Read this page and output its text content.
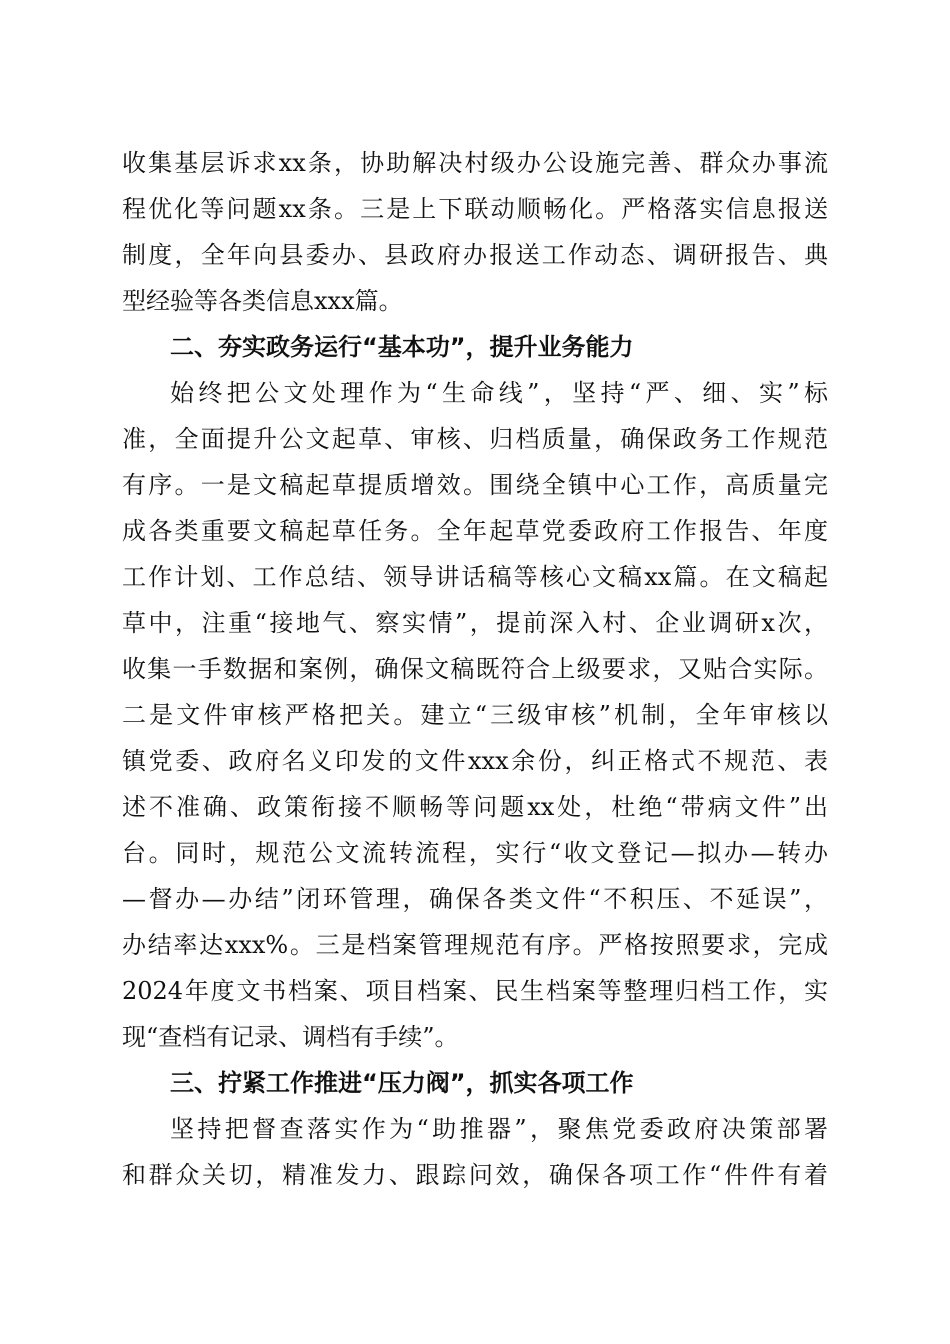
收集基层诉求xx条，协助解决村级办公设施完善、群众办事流
程优化等问题xx条。三是上下联动顺畅化。严格落实信息报送
制度，全年向县委办、县政府办报送工作动态、调研报告、典
型经验等各类信息xxx篇。
二、夯实政务运行“基本功”，提升业务能力
始终把公文处理作为“生命线”，坚持“严、细、实”标
准，全面提升公文起草、审核、归档质量，确保政务工作规范
有序。一是文稿起草提质增效。围绕全镇中心工作，高质量完
成各类重要文稿起草任务。全年起草党委政府工作报告、年度
工作计划、工作总结、领导讲话稿等核心文稿xx篇。在文稿起
草中，注重“接地气、察实情”，提前深入村、企业调研x次，
收集一手数据和案例，确保文稿既符合上级要求，又贴合实际。
二是文件审核严格把关。建立“三级审核”机制，全年审核以
镇党委、政府名义印发的文件xxx余份，纠正格式不规范、表
述不准确、政策衔接不顺畅等问题xx处，杜绝“带病文件”出
台。同时，规范公文流转流程，实行“收文登记—拟办—转办
—督办—办结”闭环管理，确保各类文件“不积压、不延误”，
办结率达xxx%。三是档案管理规范有序。严格按照要求，完成
2024年度文书档案、项目档案、民生档案等整理归档工作，实
现“查档有记录、调档有手续”。
三、拧紧工作推进“压力阀”，抓实各项工作
坚持把督查落实作为“助推器”，聚焦党委政府决策部署
和群众关切，精准发力、跟踪问效，确保各项工作“件件有着
